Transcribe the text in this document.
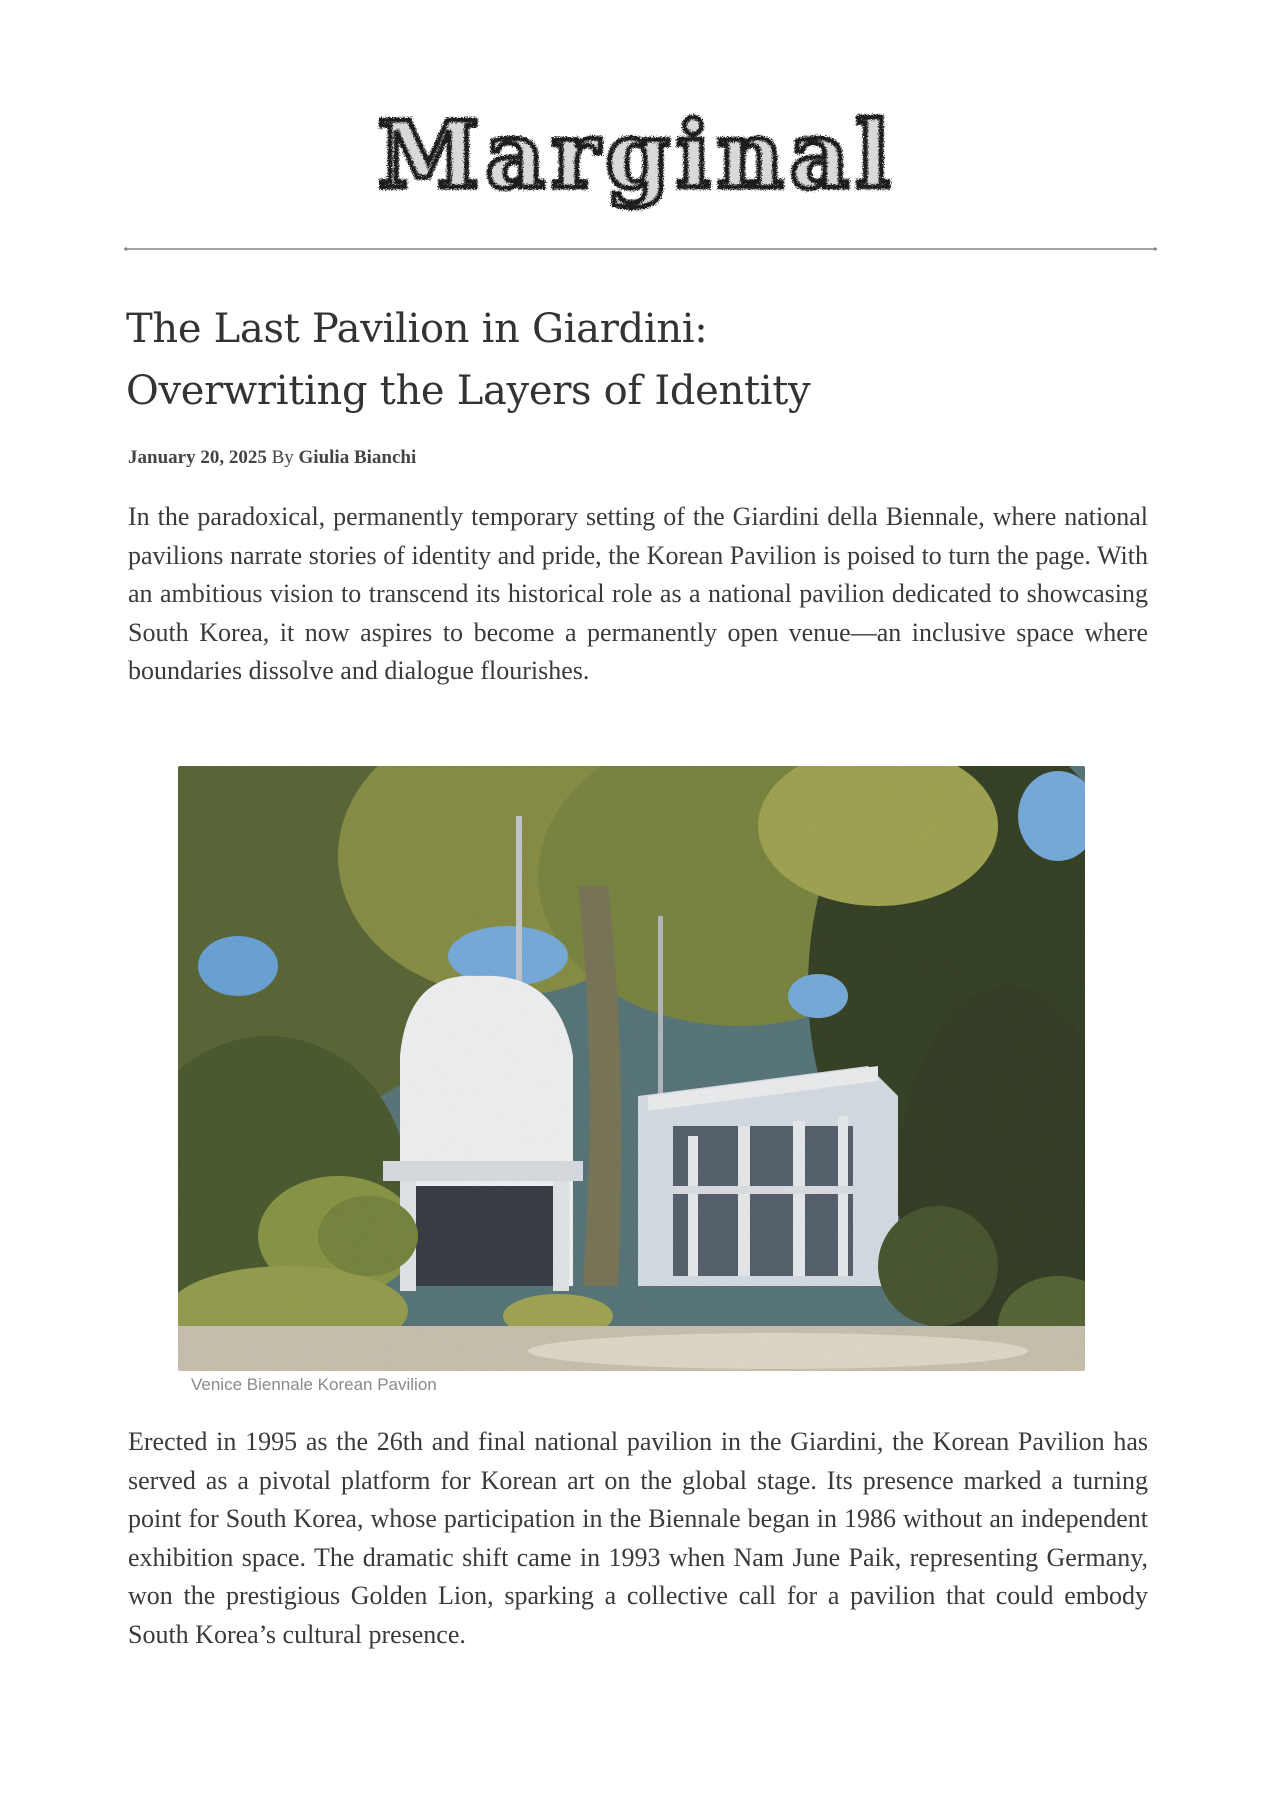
Marginal
The Last Pavilion in Giardini:
Overwriting the Layers of Identity
January 20, 2025 By Giulia Bianchi

In the paradoxical, permanently temporary setting of the Giardini della Biennale, where national pavilions narrate stories of identity and pride, the Korean Pavilion is poised to turn the page. With an ambitious vision to transcend its historical role as a national pavilion dedicated to showcasing South Korea, it now aspires to become a permanently open venue—an inclusive space where boundaries dissolve and dialogue flourishes.

Venice Biennale Korean Pavilion

Erected in 1995 as the 26th and final national pavilion in the Giardini, the Korean Pavilion has served as a pivotal platform for Korean art on the global stage. Its presence marked a turning point for South Korea, whose participation in the Biennale began in 1986 without an independent exhibition space. The dramatic shift came in 1993 when Nam June Paik, representing Germany, won the prestigious Golden Lion, sparking a collective call for a pavilion that could embody South Korea’s cultural presence.
